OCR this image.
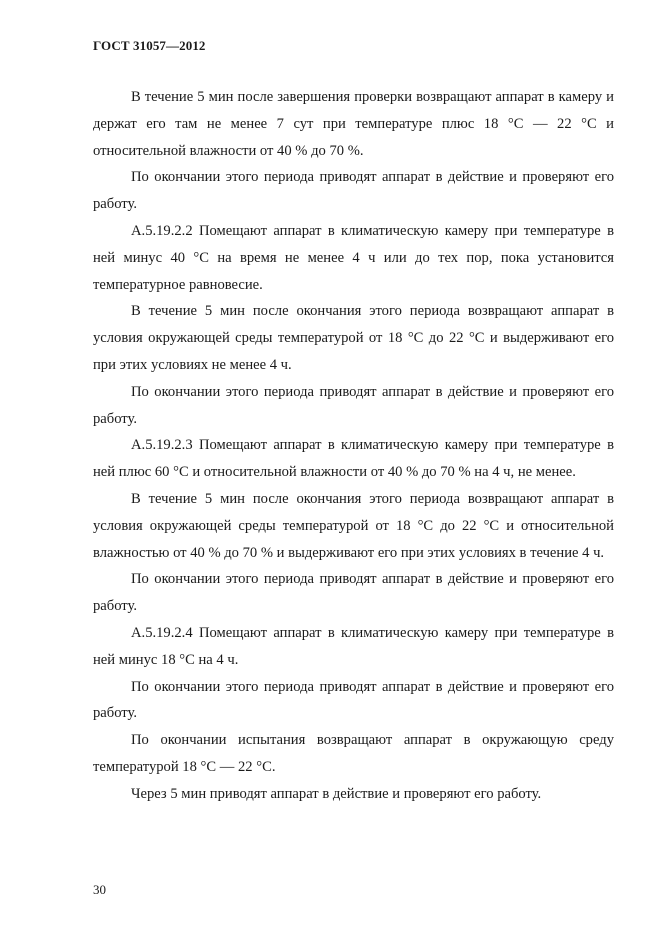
ГОСТ 31057—2012

В течение 5 мин после завершения проверки возвращают аппарат в камеру и держат его там не менее 7 сут при температуре плюс 18 °С — 22 °С и относительной влажности от 40 % до 70 %.

По окончании этого периода приводят аппарат в действие и проверяют его работу.

А.5.19.2.2 Помещают аппарат в климатическую камеру при температуре в ней минус 40 °С на время не менее 4 ч или до тех пор, пока установится температурное равновесие.

В течение 5 мин после окончания этого периода возвращают аппарат в условия окружающей среды температурой от 18 °С до 22 °С и выдерживают его при этих условиях не менее 4 ч.

По окончании этого периода приводят аппарат в действие и проверяют его работу.

А.5.19.2.3 Помещают аппарат в климатическую камеру при температуре в ней плюс 60 °С и относительной влажности от 40 % до 70 % на 4 ч, не менее.

В течение 5 мин после окончания этого периода возвращают аппарат в условия окружающей среды температурой от 18 °С до 22 °С и относительной влажностью от 40 % до 70 % и выдерживают его при этих условиях в течение 4 ч.

По окончании этого периода приводят аппарат в действие и проверяют его работу.

А.5.19.2.4 Помещают аппарат в климатическую камеру при температуре в ней минус 18 °С на 4 ч.

По окончании этого периода приводят аппарат в действие и проверяют его работу.

По окончании испытания возвращают аппарат в окружающую среду температурой 18 °С — 22 °С.

Через 5 мин приводят аппарат в действие и проверяют его работу.

30
